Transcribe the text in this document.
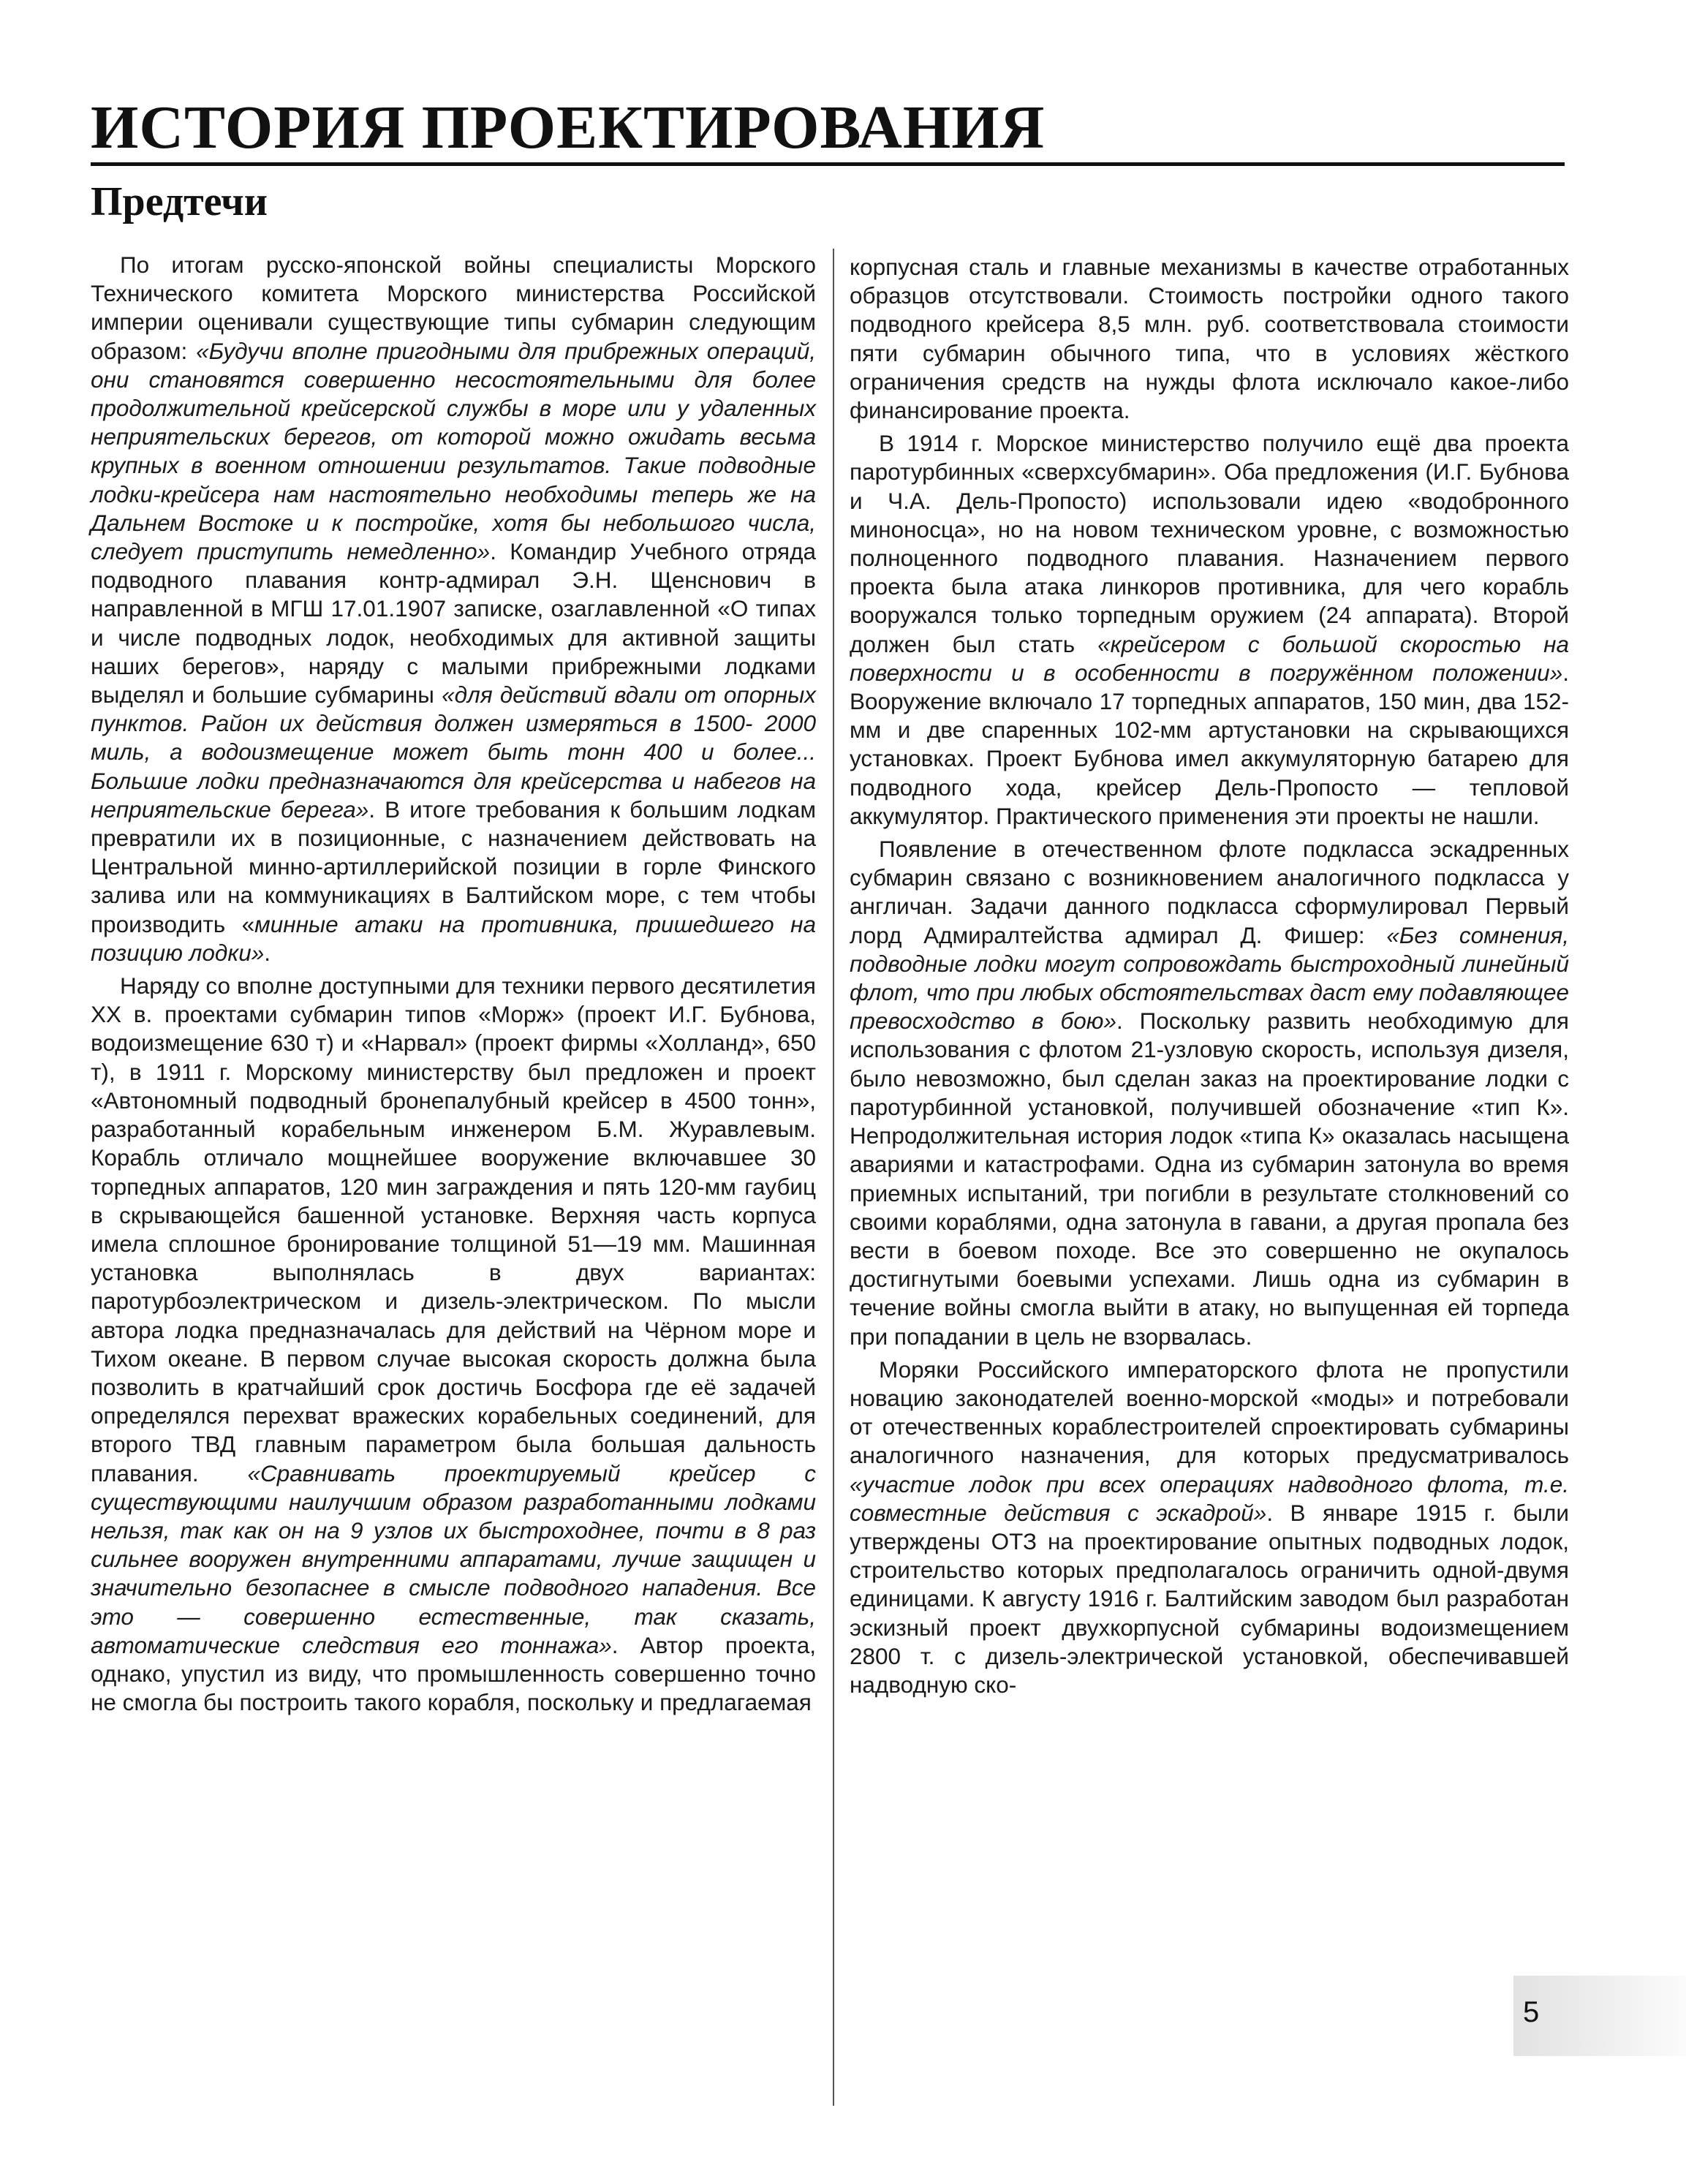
ИСТОРИЯ ПРОЕКТИРОВАНИЯ
Предтечи

По итогам русско-японской войны специалисты Морского Технического комитета Морского министерства Российской империи оценивали существующие типы субмарин следующим образом: «Будучи вполне пригодными для прибрежных операций, они становятся совершенно несостоятельными для более продолжительной крейсерской службы в море или у удаленных неприятельских берегов, от которой можно ожидать весьма крупных в военном отношении результатов. Такие подводные лодки-крейсера нам настоятельно необходимы теперь же на Дальнем Востоке и к постройке, хотя бы небольшого числа, следует приступить немедленно». Командир Учебного отряда подводного плавания контр-адмирал Э.Н. Щенснович в направленной в МГШ 17.01.1907 записке, озаглавленной «О типах и числе подводных лодок, необходимых для активной защиты наших берегов», наряду с малыми прибрежными лодками выделял и большие субмарины «для действий вдали от опорных пунктов. Район их действия должен измеряться в 1500- 2000 миль, а водоизмещение может быть тонн 400 и более... Большие лодки предназначаются для крейсерства и набегов на неприятельские берега». В итоге требования к большим лодкам превратили их в позиционные, с назначением действовать на Центральной минно-артиллерийской позиции в горле Финского залива или на коммуникациях в Балтийском море, с тем чтобы производить «минные атаки на противника, пришедшего на позицию лодки».

Наряду со вполне доступными для техники первого десятилетия XX в. проектами субмарин типов «Морж» (проект И.Г. Бубнова, водоизмещение 630 т) и «Нарвал» (проект фирмы «Холланд», 650 т), в 1911 г. Морскому министерству был предложен и проект «Автономный подводный бронепалубный крейсер в 4500 тонн», разработанный корабельным инженером Б.М. Журавлевым. Корабль отличало мощнейшее вооружение включавшее 30 торпедных аппаратов, 120 мин заграждения и пять 120-мм гаубиц в скрывающейся башенной установке. Верхняя часть корпуса имела сплошное бронирование толщиной 51—19 мм. Машинная установка выполнялась в двух вариантах: паротурбоэлектрическом и дизель-электрическом. По мысли автора лодка предназначалась для действий на Чёрном море и Тихом океане. В первом случае высокая скорость должна была позволить в кратчайший срок достичь Босфора где её задачей определялся перехват вражеских корабельных соединений, для второго ТВД главным параметром была большая дальность плавания. «Сравнивать проектируемый крейсер с существующими наилучшим образом разработанными лодками нельзя, так как он на 9 узлов их быстроходнее, почти в 8 раз сильнее вооружен внутренними аппаратами, лучше защищен и значительно безопаснее в смысле подводного нападения. Все это — совершенно естественные, так сказать, автоматические следствия его тоннажа». Автор проекта, однако, упустил из виду, что промышленность совершенно точно не смогла бы построить такого корабля, поскольку и предлагаемая

корпусная сталь и главные механизмы в качестве отработанных образцов отсутствовали. Стоимость постройки одного такого подводного крейсера 8,5 млн. руб. соответствовала стоимости пяти субмарин обычного типа, что в условиях жёсткого ограничения средств на нужды флота исключало какое-либо финансирование проекта.

В 1914 г. Морское министерство получило ещё два проекта паротурбинных «сверхсубмарин». Оба предложения (И.Г. Бубнова и Ч.А. Дель-Пропосто) использовали идею «водобронного миноносца», но на новом техническом уровне, с возможностью полноценного подводного плавания. Назначением первого проекта была атака линкоров противника, для чего корабль вооружался только торпедным оружием (24 аппарата). Второй должен был стать «крейсером с большой скоростью на поверхности и в особенности в погружённом положении». Вооружение включало 17 торпедных аппаратов, 150 мин, два 152-мм и две спаренных 102-мм артустановки на скрывающихся установках. Проект Бубнова имел аккумуляторную батарею для подводного хода, крейсер Дель-Пропосто — тепловой аккумулятор. Практического применения эти проекты не нашли.

Появление в отечественном флоте подкласса эскадренных субмарин связано с возникновением аналогичного подкласса у англичан. Задачи данного подкласса сформулировал Первый лорд Адмиралтейства адмирал Д. Фишер: «Без сомнения, подводные лодки могут сопровождать быстроходный линейный флот, что при любых обстоятельствах даст ему подавляющее превосходство в бою». Поскольку развить необходимую для использования с флотом 21-узловую скорость, используя дизеля, было невозможно, был сделан заказ на проектирование лодки с паротурбинной установкой, получившей обозначение «тип К». Непродолжительная история лодок «типа К» оказалась насыщена авариями и катастрофами. Одна из субмарин затонула во время приемных испытаний, три погибли в результате столкновений со своими кораблями, одна затонула в гавани, а другая пропала без вести в боевом походе. Все это совершенно не окупалось достигнутыми боевыми успехами. Лишь одна из субмарин в течение войны смогла выйти в атаку, но выпущенная ей торпеда при попадании в цель не взорвалась.

Моряки Российского императорского флота не пропустили новацию законодателей военно-морской «моды» и потребовали от отечественных кораблестроителей спроектировать субмарины аналогичного назначения, для которых предусматривалось «участие лодок при всех операциях надводного флота, т.е. совместные действия с эскадрой». В январе 1915 г. были утверждены ОТЗ на проектирование опытных подводных лодок, строительство которых предполагалось ограничить одной-двумя единицами. К августу 1916 г. Балтийским заводом был разработан эскизный проект двухкорпусной субмарины водоизмещением 2800 т. с дизель-электрической установкой, обеспечивавшей надводную ско-

5
